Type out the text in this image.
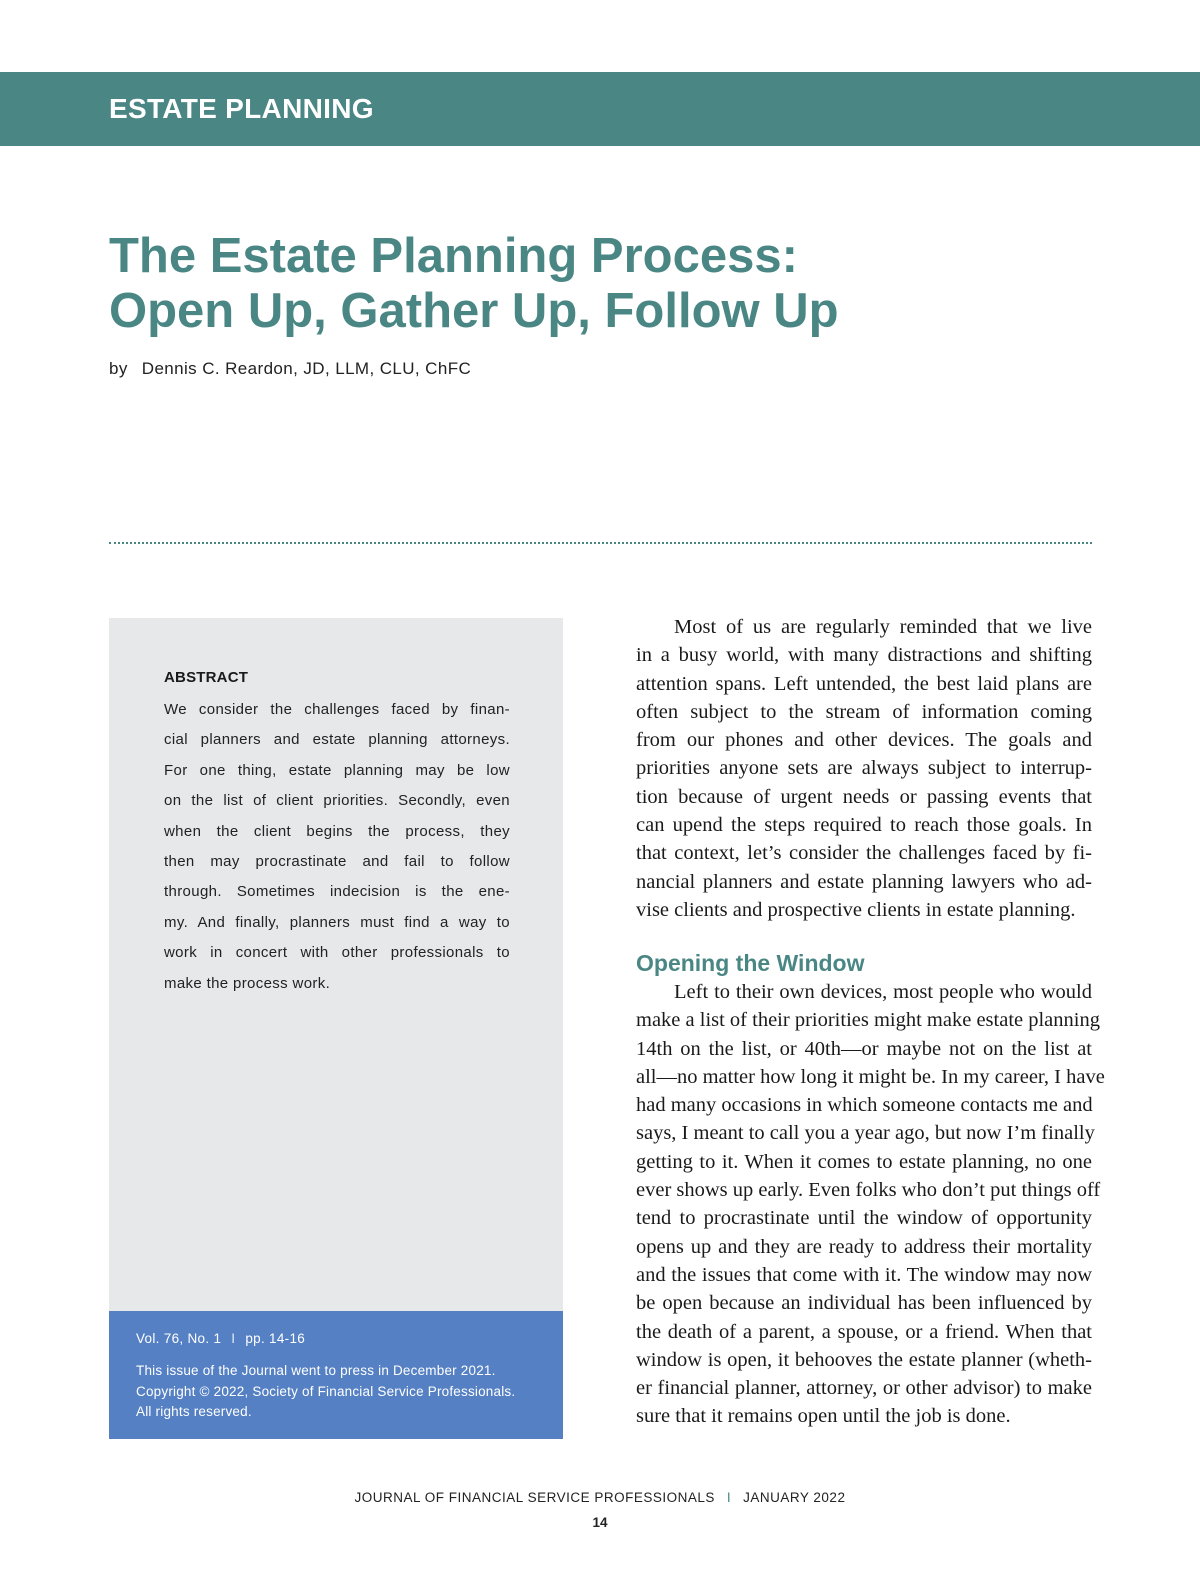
ESTATE PLANNING
The Estate Planning Process:
Open Up, Gather Up, Follow Up
by Dennis C. Reardon, JD, LLM, CLU, ChFC
ABSTRACT
We consider the challenges faced by finan-
cial planners and estate planning attorneys.
For one thing, estate planning may be low
on the list of client priorities. Secondly, even
when the client begins the process, they
then may procrastinate and fail to follow
through. Sometimes indecision is the ene-
my. And finally, planners must find a way to
work in concert with other professionals to
make the process work.
Vol. 76, No. 1 I pp. 14-16
This issue of the Journal went to press in December 2021.
Copyright © 2022, Society of Financial Service Professionals.
All rights reserved.
Most of us are regularly reminded that we live
in a busy world, with many distractions and shifting
attention spans. Left untended, the best laid plans are
often subject to the stream of information coming
from our phones and other devices. The goals and
priorities anyone sets are always subject to interrup-
tion because of urgent needs or passing events that
can upend the steps required to reach those goals. In
that context, let’s consider the challenges faced by fi-
nancial planners and estate planning lawyers who ad-
vise clients and prospective clients in estate planning.
Opening the Window
Left to their own devices, most people who would
make a list of their priorities might make estate planning
14th on the list, or 40th—or maybe not on the list at
all—no matter how long it might be. In my career, I have
had many occasions in which someone contacts me and
says, I meant to call you a year ago, but now I’m finally
getting to it. When it comes to estate planning, no one
ever shows up early. Even folks who don’t put things off
tend to procrastinate until the window of opportunity
opens up and they are ready to address their mortality
and the issues that come with it. The window may now
be open because an individual has been influenced by
the death of a parent, a spouse, or a friend. When that
window is open, it behooves the estate planner (wheth-
er financial planner, attorney, or other advisor) to make
sure that it remains open until the job is done.
JOURNAL OF FINANCIAL SERVICE PROFESSIONALS I JANUARY 2022
14
